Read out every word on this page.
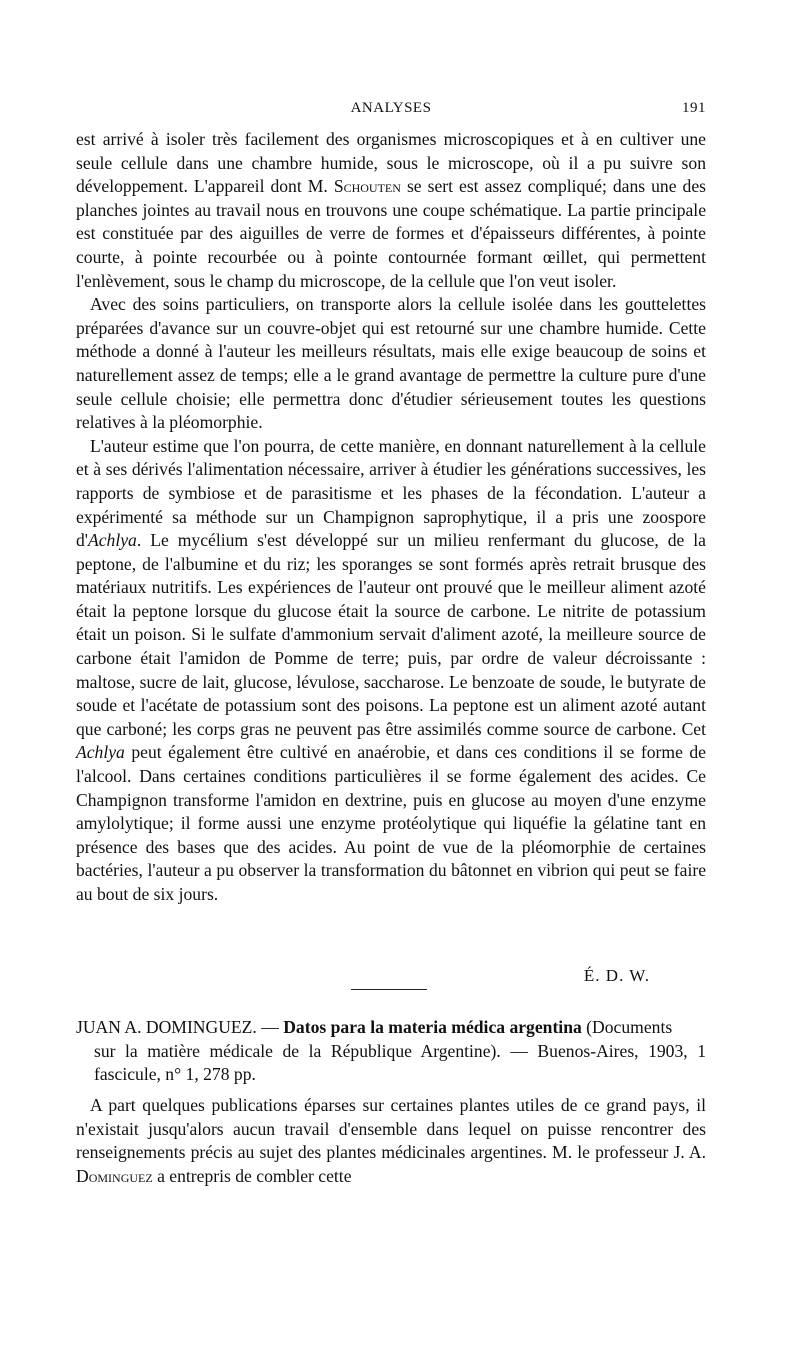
ANALYSES	191

est arrivé à isoler très facilement des organismes microscopiques et à en cultiver une seule cellule dans une chambre humide, sous le microscope, où il a pu suivre son développement. L'appareil dont M. Schouten se sert est assez compliqué; dans une des planches jointes au travail nous en trouvons une coupe schématique. La partie principale est constituée par des aiguilles de verre de formes et d'épaisseurs différentes, à pointe courte, à pointe recourbée ou à pointe contournée formant œillet, qui permettent l'enlèvement, sous le champ du microscope, de la cellule que l'on veut isoler.

Avec des soins particuliers, on transporte alors la cellule isolée dans les gouttelettes préparées d'avance sur un couvre-objet qui est retourné sur une chambre humide. Cette méthode a donné à l'auteur les meilleurs résultats, mais elle exige beaucoup de soins et naturellement assez de temps; elle a le grand avantage de permettre la culture pure d'une seule cellule choisie; elle permettra donc d'étudier sérieusement toutes les questions relatives à la pléomorphie.

L'auteur estime que l'on pourra, de cette manière, en donnant naturellement à la cellule et à ses dérivés l'alimentation nécessaire, arriver à étudier les générations successives, les rapports de symbiose et de parasitisme et les phases de la fécondation. L'auteur a expérimenté sa méthode sur un Champignon saprophytique, il a pris une zoospore d'Achlya. Le mycélium s'est développé sur un milieu renfermant du glucose, de la peptone, de l'albumine et du riz; les sporanges se sont formés après retrait brusque des matériaux nutritifs. Les expériences de l'auteur ont prouvé que le meilleur aliment azoté était la peptone lorsque du glucose était la source de carbone. Le nitrite de potassium était un poison. Si le sulfate d'ammonium servait d'aliment azoté, la meilleure source de carbone était l'amidon de Pomme de terre; puis, par ordre de valeur décroissante : maltose, sucre de lait, glucose, lévulose, saccharose. Le benzoate de soude, le butyrate de soude et l'acétate de potassium sont des poisons. La peptone est un aliment azoté autant que carboné; les corps gras ne peuvent pas être assimilés comme source de carbone. Cet Achlya peut également être cultivé en anaérobie, et dans ces conditions il se forme de l'alcool. Dans certaines conditions particulières il se forme également des acides. Ce Champignon transforme l'amidon en dextrine, puis en glucose au moyen d'une enzyme amylolytique; il forme aussi une enzyme protéolytique qui liquéfie la gélatine tant en présence des bases que des acides. Au point de vue de la pléomorphie de certaines bactéries, l'auteur a pu observer la transformation du bâtonnet en vibrion qui peut se faire au bout de six jours.

É. D. W.

JUAN A. DOMINGUEZ. — Datos para la materia médica argentina (Documents

sur la matière médicale de la République Argentine). — Buenos-Aires, 1903, 1 fascicule, n° 1, 278 pp.

A part quelques publications éparses sur certaines plantes utiles de ce grand pays, il n'existait jusqu'alors aucun travail d'ensemble dans lequel on puisse rencontrer des renseignements précis au sujet des plantes médicinales argentines. M. le professeur J. A. Dominguez a entrepris de combler cette
